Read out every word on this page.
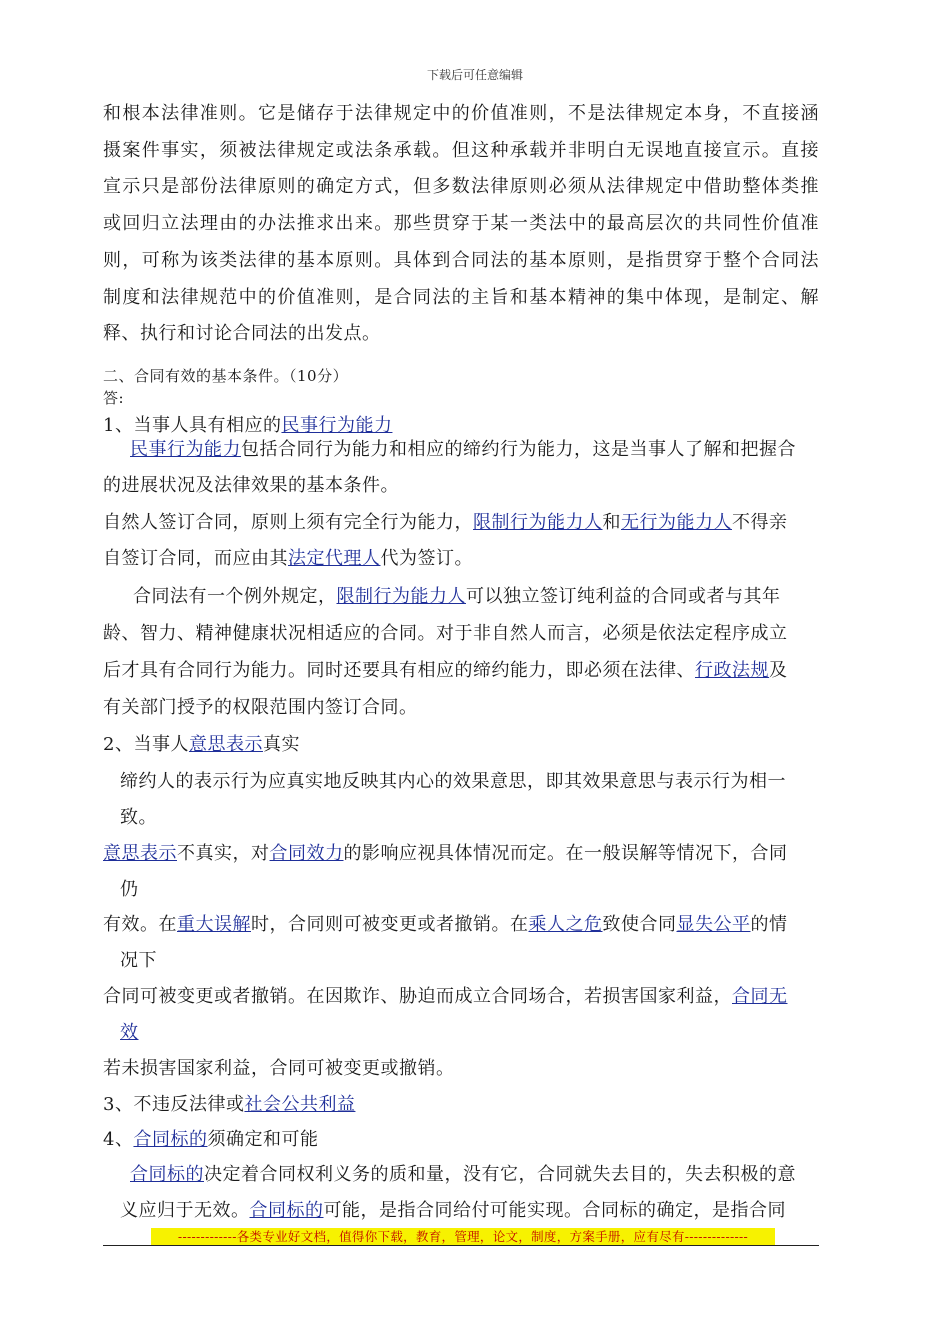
下载后可任意编辑

和根本法律准则。它是储存于法律规定中的价值准则，不是法律规定本身，不直接涵

摄案件事实，须被法律规定或法条承载。但这种承载并非明白无误地直接宣示。直接

宣示只是部份法律原则的确定方式，但多数法律原则必须从法律规定中借助整体类推

或回归立法理由的办法推求出来。那些贯穿于某一类法中的最高层次的共同性价值准

则，可称为该类法律的基本原则。具体到合同法的基本原则，是指贯穿于整个合同法

制度和法律规范中的价值准则，是合同法的主旨和基本精神的集中体现，是制定、解

释、执行和讨论合同法的出发点。

二、合同有效的基本条件。（10分）

答:

1、当事人具有相应的民事行为能力

民事行为能力包括合同行为能力和相应的缔约行为能力，这是当事人了解和把握合

的进展状况及法律效果的基本条件。

自然人签订合同，原则上须有完全行为能力，限制行为能力人和无行为能力人不得亲

自签订合同，而应由其法定代理人代为签订。

合同法有一个例外规定，限制行为能力人可以独立签订纯利益的合同或者与其年

龄、智力、精神健康状况相适应的合同。对于非自然人而言，必须是依法定程序成立

后才具有合同行为能力。同时还要具有相应的缔约能力，即必须在法律、行政法规及

有关部门授予的权限范围内签订合同。

2、当事人意思表示真实

缔约人的表示行为应真实地反映其内心的效果意思，即其效果意思与表示行为相一

致。

意思表示不真实，对合同效力的影响应视具体情况而定。在一般误解等情况下，合同

仍

有效。在重大误解时，合同则可被变更或者撤销。在乘人之危致使合同显失公平的情

况下

合同可被变更或者撤销。在因欺诈、胁迫而成立合同场合，若损害国家利益，合同无

效

若未损害国家利益，合同可被变更或撤销。

3、不违反法律或社会公共利益

4、合同标的须确定和可能

合同标的决定着合同权利义务的质和量，没有它，合同就失去目的，失去积极的意

义应归于无效。合同标的可能，是指合同给付可能实现。合同标的确定，是指合同

-------------各类专业好文档，值得你下载，教育，管理，论文，制度，方案手册，应有尽有--------------
